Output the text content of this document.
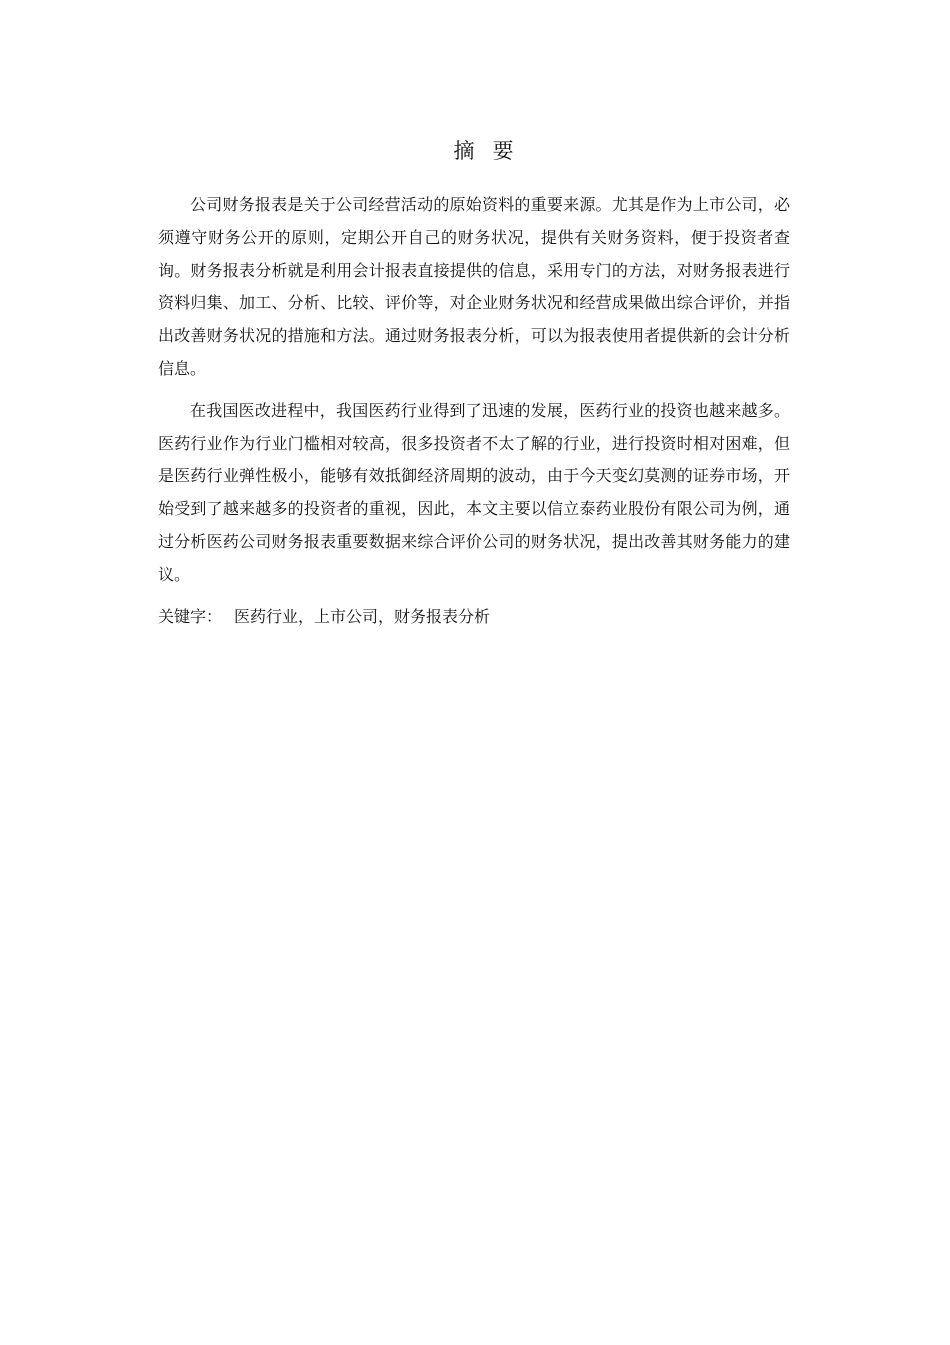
摘要

公司财务报表是关于公司经营活动的原始资料的重要来源。尤其是作为上市公司，必须遵守财务公开的原则，定期公开自己的财务状况，提供有关财务资料，便于投资者查询。财务报表分析就是利用会计报表直接提供的信息，采用专门的方法，对财务报表进行资料归集、加工、分析、比较、评价等，对企业财务状况和经营成果做出综合评价，并指出改善财务状况的措施和方法。通过财务报表分析，可以为报表使用者提供新的会计分析信息。

在我国医改进程中，我国医药行业得到了迅速的发展，医药行业的投资也越来越多。医药行业作为行业门槛相对较高，很多投资者不太了解的行业，进行投资时相对困难，但是医药行业弹性极小，能够有效抵御经济周期的波动，由于今天变幻莫测的证券市场，开始受到了越来越多的投资者的重视，因此，本文主要以信立泰药业股份有限公司为例，通过分析医药公司财务报表重要数据来综合评价公司的财务状况，提出改善其财务能力的建议。

关键字： 医药行业，上市公司，财务报表分析
